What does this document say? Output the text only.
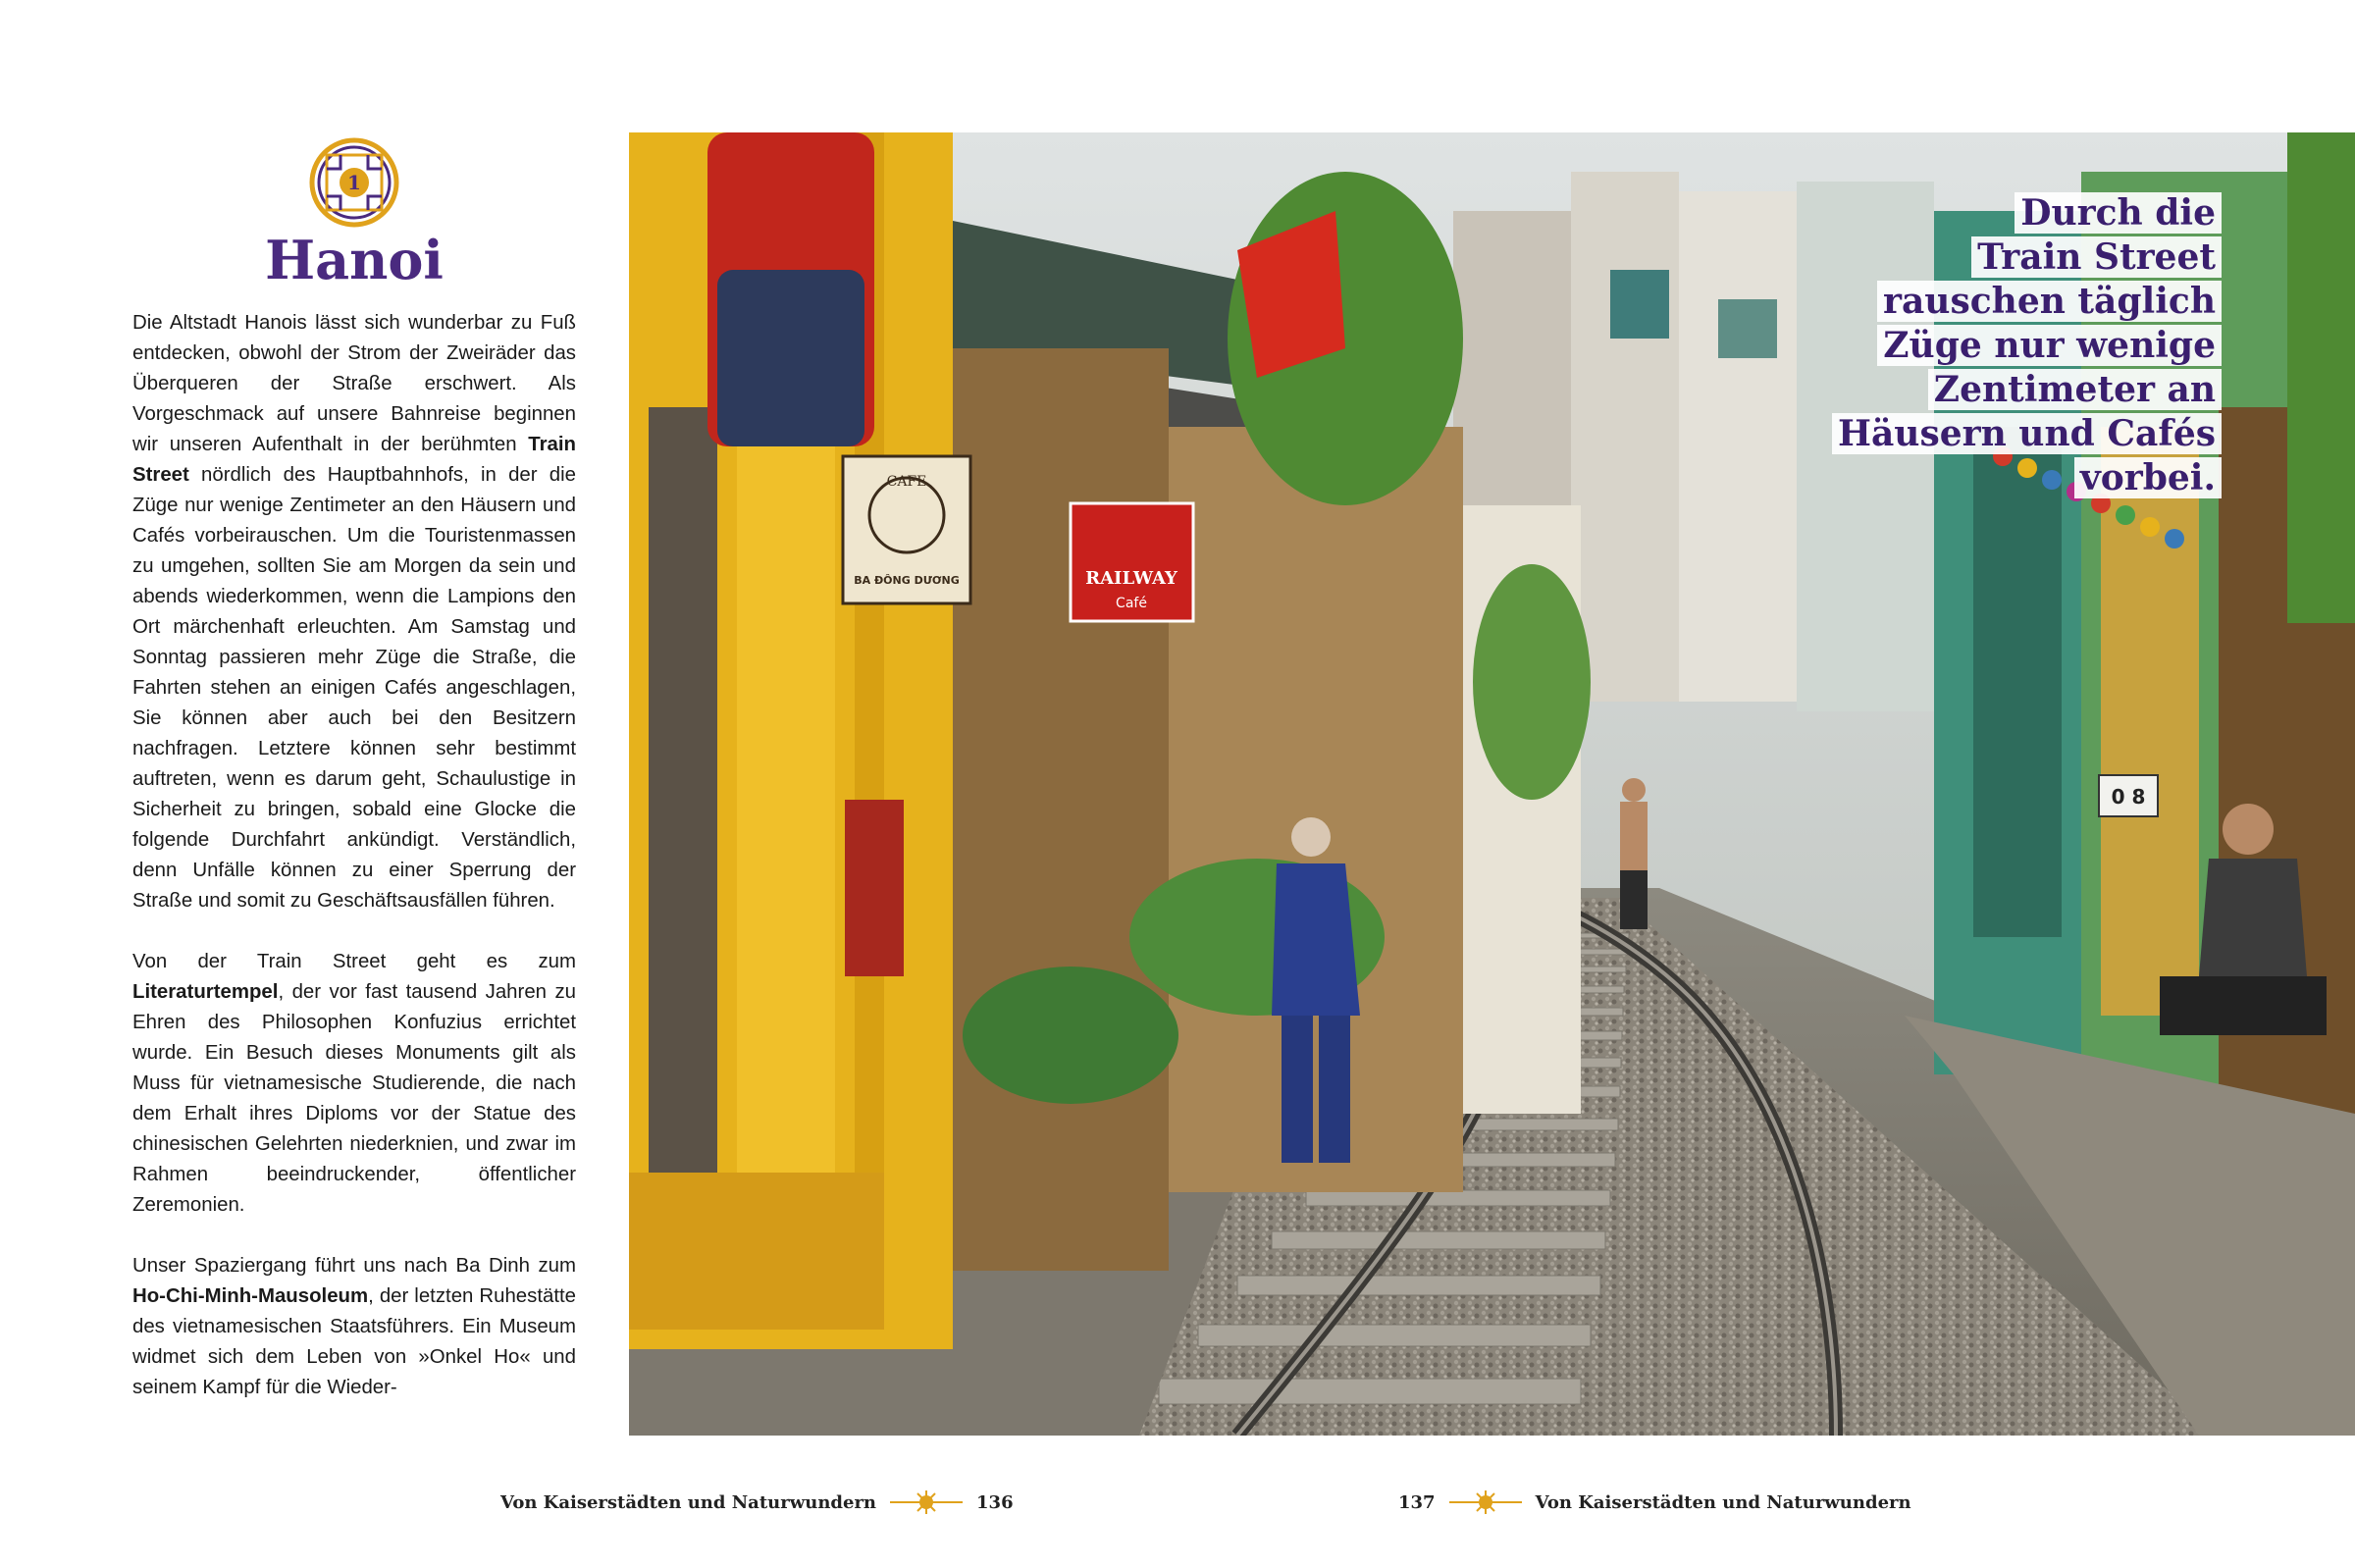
1
Hanoi

Die Altstadt Hanois lässt sich wunderbar zu Fuß entdecken, obwohl der Strom der Zweiräder das Überqueren der Straße erschwert. Als Vorgeschmack auf unsere Bahnreise beginnen wir unseren Aufenthalt in der berühmten Train Street nördlich des Hauptbahnhofs, in der die Züge nur wenige Zentimeter an den Häusern und Cafés vorbeirauschen. Um die Touristenmassen zu umgehen, sollten Sie am Morgen da sein und abends wiederkommen, wenn die Lampions den Ort märchenhaft erleuchten. Am Samstag und Sonntag passieren mehr Züge die Straße, die Fahrten stehen an einigen Cafés angeschlagen, Sie können aber auch bei den Besitzern nachfragen. Letztere können sehr bestimmt auftreten, wenn es darum geht, Schaulustige in Sicherheit zu bringen, sobald eine Glocke die folgende Durchfahrt ankündigt. Verständlich, denn Unfälle können zu einer Sperrung der Straße und somit zu Geschäftsausfällen führen.

Von der Train Street geht es zum Literaturtempel, der vor fast tausend Jahren zu Ehren des Philosophen Konfuzius errichtet wurde. Ein Besuch dieses Monuments gilt als Muss für vietnamesische Studierende, die nach dem Erhalt ihres Diploms vor der Statue des chinesischen Gelehrten niederknien, und zwar im Rahmen beeindruckender, öffentlicher Zeremonien.

Unser Spaziergang führt uns nach Ba Dinh zum Ho-Chi-Minh-Mausoleum, der letzten Ruhestätte des vietnamesischen Staatsführers. Ein Museum widmet sich dem Leben von »Onkel Ho« und seinem Kampf für die Wieder-

CAFE
BA ĐÔNG DƯƠNG	RAILWAY
Café
0 8
Durch die
Train Street
rauschen täglich
Züge nur wenige
Zentimeter an
Häusern und Cafés
vorbei.
Von Kaiserstädten und Naturwundern	136	137	Von Kaiserstädten und Naturwundern
